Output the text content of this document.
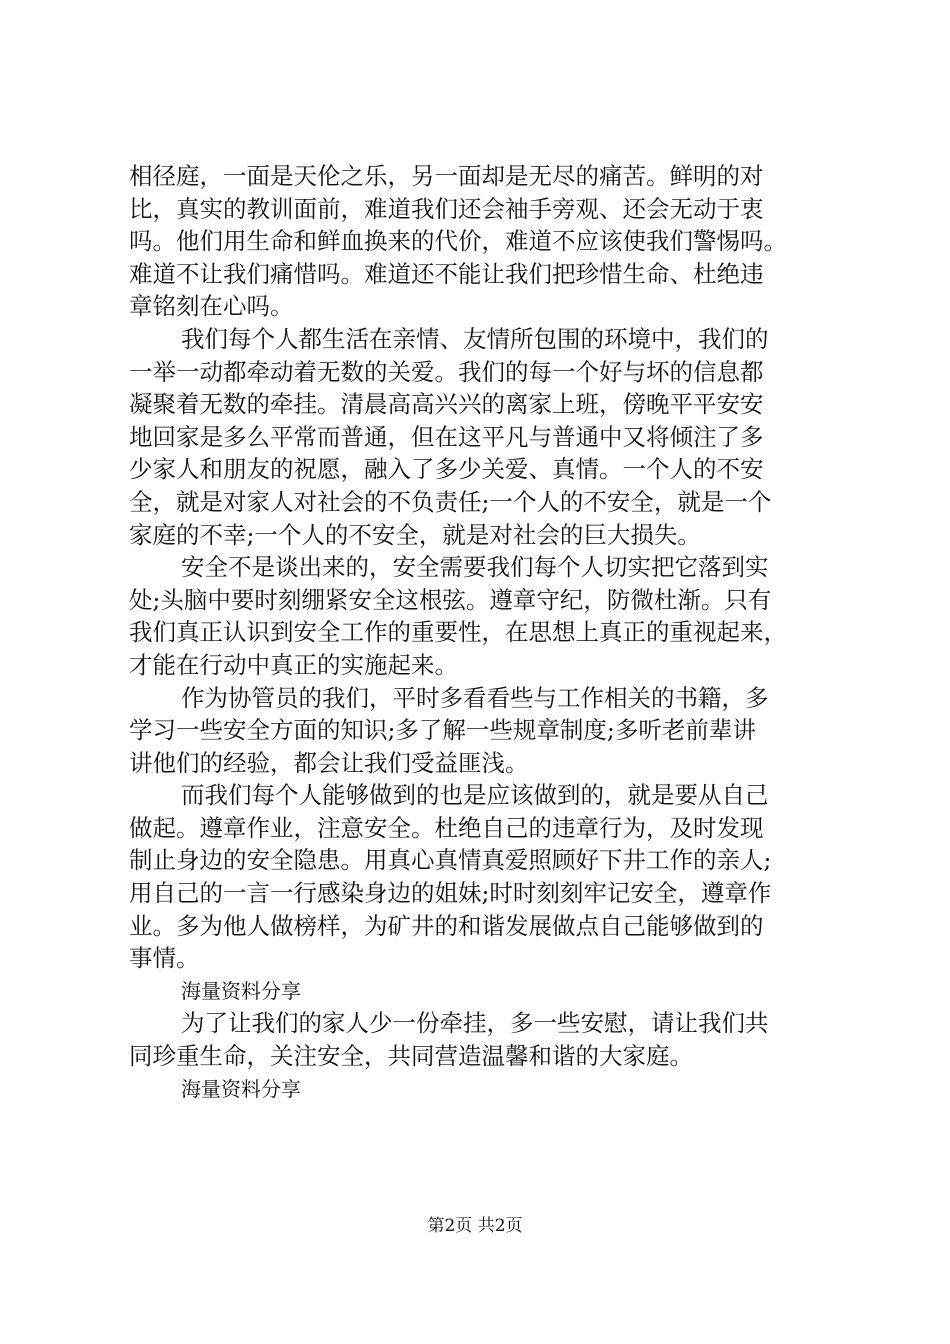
相径庭，一面是天伦之乐，另一面却是无尽的痛苦。鲜明的对
比，真实的教训面前，难道我们还会袖手旁观、还会无动于衷
吗。他们用生命和鲜血换来的代价，难道不应该使我们警惕吗。
难道不让我们痛惜吗。难道还不能让我们把珍惜生命、杜绝违
章铭刻在心吗。
我们每个人都生活在亲情、友情所包围的环境中，我们的
一举一动都牵动着无数的关爱。我们的每一个好与坏的信息都
凝聚着无数的牵挂。清晨高高兴兴的离家上班，傍晚平平安安
地回家是多么平常而普通，但在这平凡与普通中又将倾注了多
少家人和朋友的祝愿，融入了多少关爱、真情。一个人的不安
全，就是对家人对社会的不负责任;一个人的不安全，就是一个
家庭的不幸;一个人的不安全，就是对社会的巨大损失。
安全不是谈出来的，安全需要我们每个人切实把它落到实
处;头脑中要时刻绷紧安全这根弦。遵章守纪，防微杜渐。只有
我们真正认识到安全工作的重要性，在思想上真正的重视起来，
才能在行动中真正的实施起来。
作为协管员的我们，平时多看看些与工作相关的书籍，多
学习一些安全方面的知识;多了解一些规章制度;多听老前辈讲
讲他们的经验，都会让我们受益匪浅。
而我们每个人能够做到的也是应该做到的，就是要从自己
做起。遵章作业，注意安全。杜绝自己的违章行为，及时发现
制止身边的安全隐患。用真心真情真爱照顾好下井工作的亲人;
用自己的一言一行感染身边的姐妹;时时刻刻牢记安全，遵章作
业。多为他人做榜样，为矿井的和谐发展做点自己能够做到的
事情。
海量资料分享
为了让我们的家人少一份牵挂，多一些安慰，请让我们共
同珍重生命，关注安全，共同营造温馨和谐的大家庭。
海量资料分享
第2页 共2页
